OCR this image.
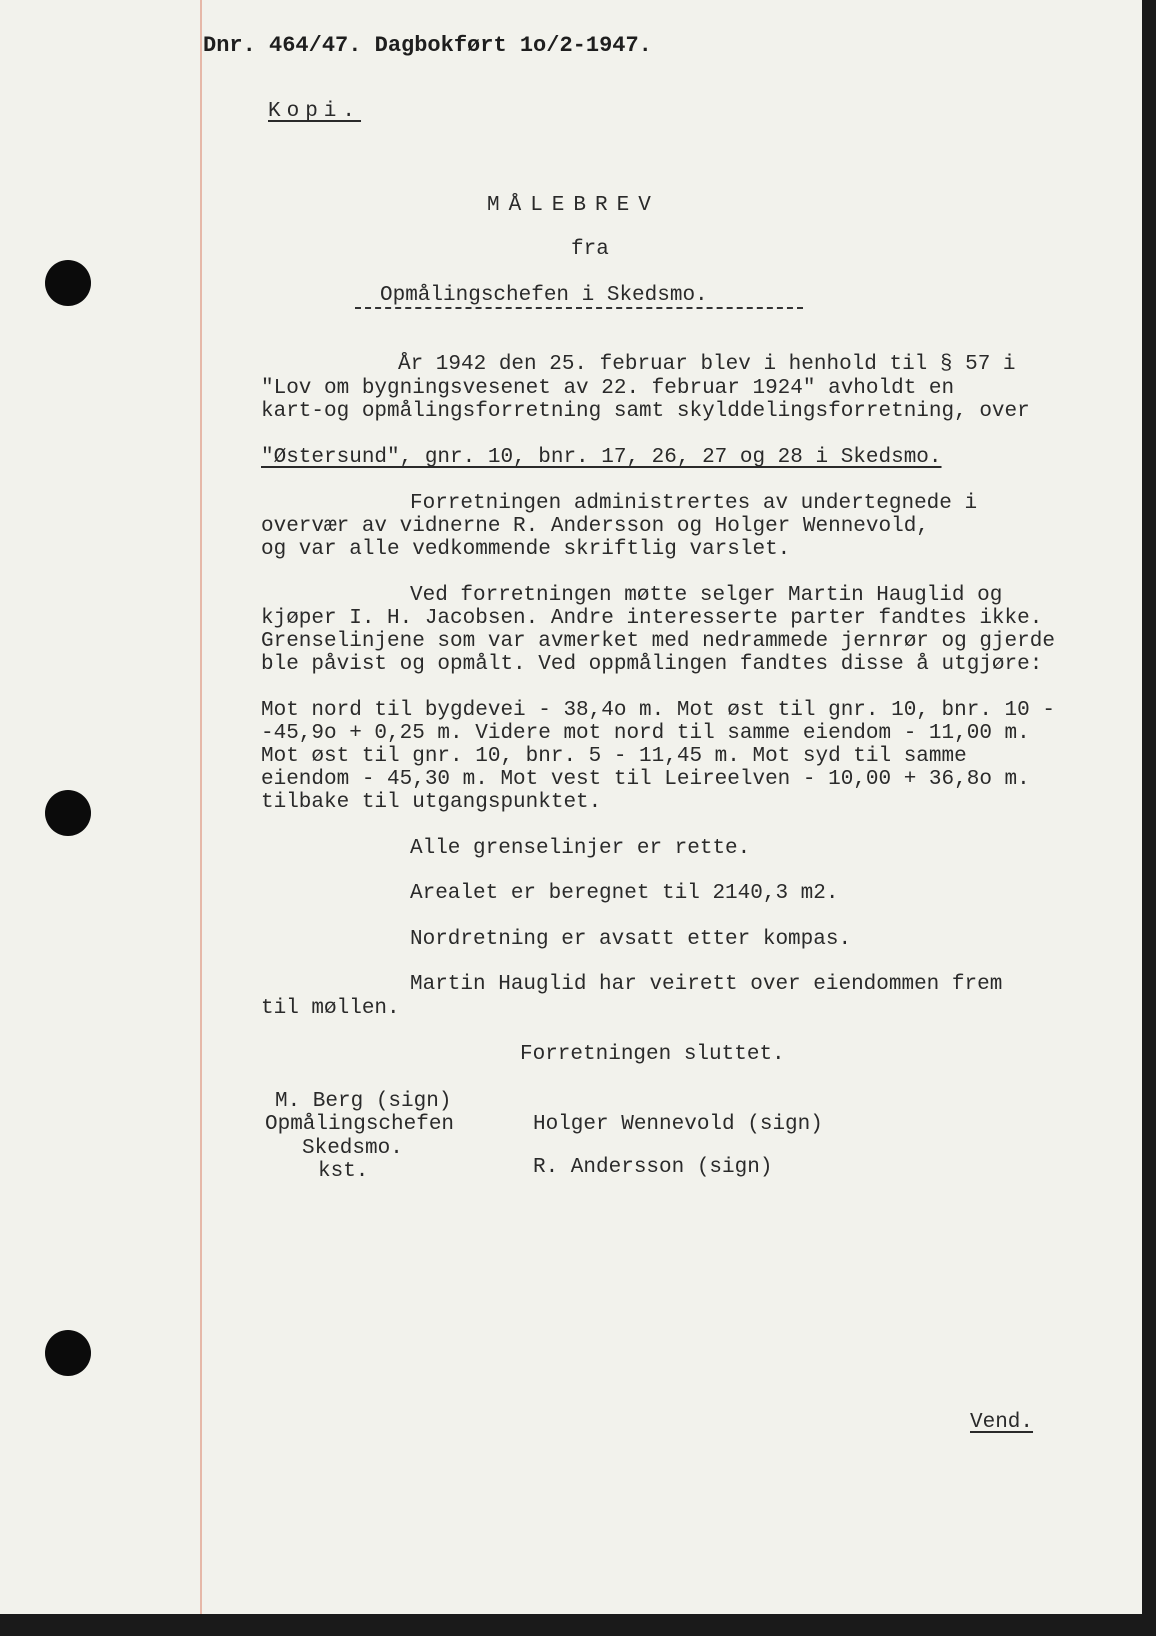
Dnr. 464/47. Dagbokført 1o/2-1947.

Kopi.

MÅLEBREV

fra

Opmålingschefen i Skedsmo.

År 1942 den 25. februar blev i henhold til § 57 i

"Lov om bygningsvesenet av 22. februar 1924" avholdt en

kart-og opmålingsforretning samt skylddelingsforretning, over

"Østersund", gnr. 10, bnr. 17, 26, 27 og 28 i Skedsmo.

Forretningen administrertes av undertegnede i

overvær av vidnerne R. Andersson og Holger Wennevold,

og var alle vedkommende skriftlig varslet.

Ved forretningen møtte selger Martin Hauglid og

kjøper I. H. Jacobsen. Andre interesserte parter fandtes ikke.

Grenselinjene som var avmerket med nedrammede jernrør og gjerde

ble påvist og opmålt. Ved oppmålingen fandtes disse å utgjøre:

Mot nord til bygdevei - 38,4o m. Mot øst til gnr. 10, bnr. 10 -

-45,9o + 0,25 m. Videre mot nord til samme eiendom - 11,00 m.

Mot øst til gnr. 10, bnr. 5 - 11,45 m. Mot syd til samme

eiendom - 45,30 m. Mot vest til Leireelven - 10,00 + 36,8o m.

tilbake til utgangspunktet.

Alle grenselinjer er rette.

Arealet er beregnet til 2140,3 m2.

Nordretning er avsatt etter kompas.

Martin Hauglid har veirett over eiendommen frem

til møllen.

Forretningen sluttet.

M. Berg (sign)

Opmålingschefen

Skedsmo.

kst.

Holger Wennevold (sign)

R. Andersson (sign)

Vend.
